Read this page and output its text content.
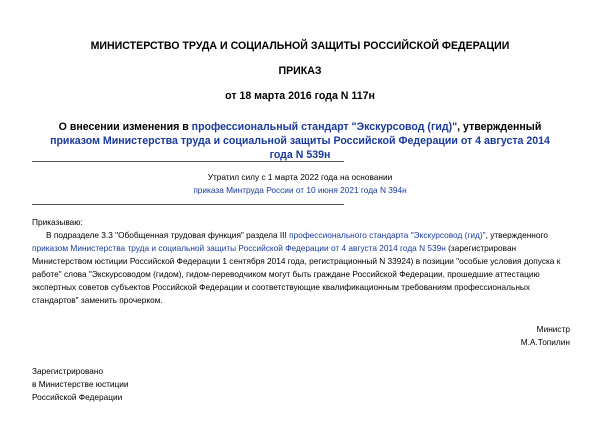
МИНИСТЕРСТВО ТРУДА И СОЦИАЛЬНОЙ ЗАЩИТЫ РОССИЙСКОЙ ФЕДЕРАЦИИ
ПРИКАЗ
от 18 марта 2016 года N 117н
О внесении изменения в профессиональный стандарт "Экскурсовод (гид)", утвержденный приказом Министерства труда и социальной защиты Российской Федерации от 4 августа 2014 года N 539н
Утратил силу с 1 марта 2022 года на основании
приказа Минтруда России от 10 июня 2021 года N 394н
Приказываю:
В подразделе 3.3 "Обобщенная трудовая функция" раздела III профессионального стандарта "Экскурсовод (гид)", утвержденного приказом Министерства труда и социальной защиты Российской Федерации от 4 августа 2014 года N 539н (зарегистрирован Министерством юстиции Российской Федерации 1 сентября 2014 года, регистрационный N 33924) в позиции "особые условия допуска к работе" слова "Экскурсоводом (гидом), гидом-переводчиком могут быть граждане Российской Федерации, прошедшие аттестацию экспертных советов субъектов Российской Федерации и соответствующие квалификационным требованиям профессиональных стандартов" заменить прочерком.
Министр
М.А.Топилин
Зарегистрировано
в Министерстве юстиции
Российской Федерации
